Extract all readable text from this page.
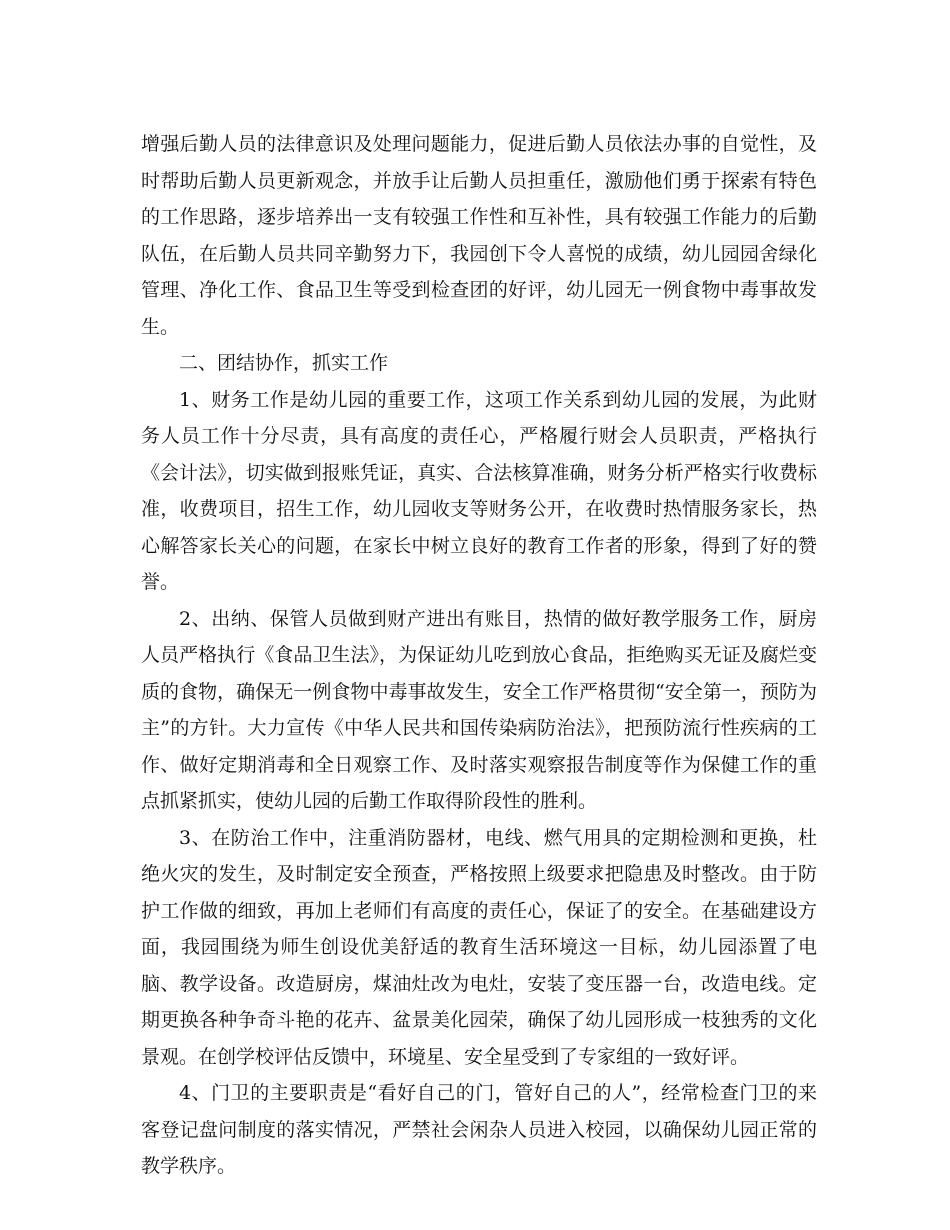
增强后勤人员的法律意识及处理问题能力，促进后勤人员依法办事的自觉性，及时帮助后勤人员更新观念，并放手让后勤人员担重任，激励他们勇于探索有特色的工作思路，逐步培养出一支有较强工作性和互补性，具有较强工作能力的后勤队伍，在后勤人员共同辛勤努力下，我园创下令人喜悦的成绩，幼儿园园舍绿化管理、净化工作、食品卫生等受到检查团的好评，幼儿园无一例食物中毒事故发生。

二、团结协作，抓实工作

1、财务工作是幼儿园的重要工作，这项工作关系到幼儿园的发展，为此财务人员工作十分尽责，具有高度的责任心，严格履行财会人员职责，严格执行《会计法》，切实做到报账凭证，真实、合法核算准确，财务分析严格实行收费标准，收费项目，招生工作，幼儿园收支等财务公开，在收费时热情服务家长，热心解答家长关心的问题，在家长中树立良好的教育工作者的形象，得到了好的赞誉。

2、出纳、保管人员做到财产进出有账目，热情的做好教学服务工作，厨房人员严格执行《食品卫生法》，为保证幼儿吃到放心食品，拒绝购买无证及腐烂变质的食物，确保无一例食物中毒事故发生，安全工作严格贯彻“安全第一，预防为主”的方针。大力宣传《中华人民共和国传染病防治法》，把预防流行性疾病的工作、做好定期消毒和全日观察工作、及时落实观察报告制度等作为保健工作的重点抓紧抓实，使幼儿园的后勤工作取得阶段性的胜利。

3、在防治工作中，注重消防器材，电线、燃气用具的定期检测和更换，杜绝火灾的发生，及时制定安全预查，严格按照上级要求把隐患及时整改。由于防护工作做的细致，再加上老师们有高度的责任心，保证了的安全。在基础建设方面，我园围绕为师生创设优美舒适的教育生活环境这一目标，幼儿园添置了电脑、教学设备。改造厨房，煤油灶改为电灶，安装了变压器一台，改造电线。定期更换各种争奇斗艳的花卉、盆景美化园荣，确保了幼儿园形成一枝独秀的文化景观。在创学校评估反馈中，环境星、安全星受到了专家组的一致好评。

4、门卫的主要职责是“看好自己的门，管好自己的人”，经常检查门卫的来客登记盘问制度的落实情况，严禁社会闲杂人员进入校园，以确保幼儿园正常的教学秩序。
